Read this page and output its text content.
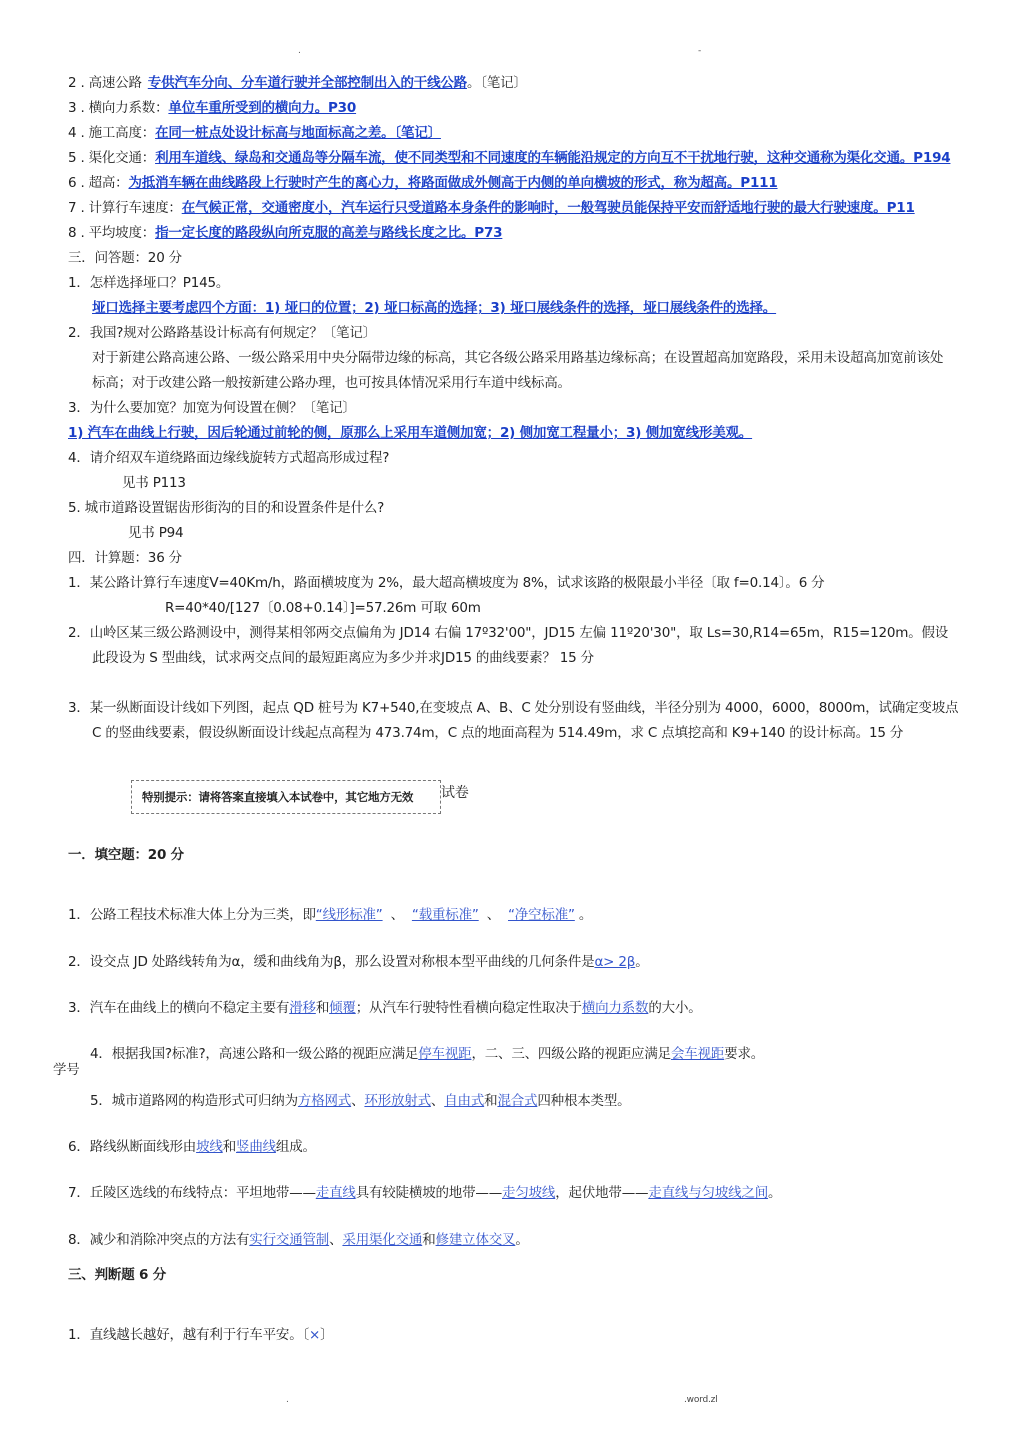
.	-
2 . 高速公路 专供汽车分向、分车道行驶并全部控制出入的干线公路。〔笔记〕
3 . 横向力系数：单位车重所受到的横向力。P30
4 . 施工高度：在同一桩点处设计标高与地面标高之差。〔笔记〕
5 . 渠化交通：利用车道线、绿岛和交通岛等分隔车流，使不同类型和不同速度的车辆能沿规定的方向互不干扰地行驶，这种交通称为渠化交通。P194
6 . 超高：为抵消车辆在曲线路段上行驶时产生的离心力，将路面做成外侧高于内侧的单向横坡的形式，称为超高。P111
7 . 计算行车速度：在气候正常，交通密度小，汽车运行只受道路本身条件的影响时，一般驾驶员能保持平安而舒适地行驶的最大行驶速度。P11
8 . 平均坡度：指一定长度的路段纵向所克服的高差与路线长度之比。P73
三．问答题：20 分
1．怎样选择垭口？P145。
垭口选择主要考虑四个方面：1) 垭口的位置；2) 垭口标高的选择；3) 垭口展线条件的选择，垭口展线条件的选择。
2．我国?规对公路路基设计标高有何规定？〔笔记〕
对于新建公路高速公路、一级公路采用中央分隔带边缘的标高，其它各级公路采用路基边缘标高；在设置超高加宽路段，采用未设超高加宽前该处
标高；对于改建公路一般按新建公路办理，也可按具体情况采用行车道中线标高。
3．为什么要加宽？加宽为何设置在侧？〔笔记〕
1) 汽车在曲线上行驶，因后轮通过前轮的侧，原那么上采用车道侧加宽；2) 侧加宽工程量小；3) 侧加宽线形美观。
4．请介绍双车道绕路面边缘线旋转方式超高形成过程?
见书 P113
5. 城市道路设置锯齿形街沟的目的和设置条件是什么?
见书 P94
四．计算题：36 分
1．某公路计算行车速度V=40Km/h，路面横坡度为 2%，最大超高横坡度为 8%，试求该路的极限最小半径〔取 f=0.14〕。6 分
R=40*40/[127〔0.08+0.14〕]=57.26m 可取 60m
2．山岭区某三级公路测设中，测得某相邻两交点偏角为 JD14 右偏 17º32'00"，JD15 左偏 11º20'30"，取 Ls=30,R14=65m，R15=120m。假设
此段设为 S 型曲线，试求两交点间的最短距离应为多少并求JD15 的曲线要素？ 15 分
3．某一纵断面设计线如下列图，起点 QD 桩号为 K7+540,在变坡点 A、B、C 处分别设有竖曲线，半径分别为 4000，6000，8000m，试确定变坡点
C 的竖曲线要素，假设纵断面设计线起点高程为 473.74m，C 点的地面高程为 514.49m，求 C 点填挖高和 K9+140 的设计标高。15 分
特别提示：请将答案直接填入本试卷中，其它地方无效	试卷
一．填空题：20 分
1．公路工程技术标准大体上分为三类，即“线形标准” 、 “载重标准” 、 “净空标准” 。
2．设交点 JD 处路线转角为α，缓和曲线角为β，那么设置对称根本型平曲线的几何条件是α> 2β。
3．汽车在曲线上的横向不稳定主要有滑移和倾覆；从汽车行驶特性看横向稳定性取决于横向力系数的大小。
4．根据我国?标准?，高速公路和一级公路的视距应满足停车视距，二、三、四级公路的视距应满足会车视距要求。
学号
5．城市道路网的构造形式可归纳为方格网式、环形放射式、自由式和混合式四种根本类型。
6．路线纵断面线形由坡线和竖曲线组成。
7．丘陵区选线的布线特点：平坦地带——走直线具有较陡横坡的地带——走匀坡线，起伏地带——走直线与匀坡线之间。
8．减少和消除冲突点的方法有实行交通管制、采用渠化交通和修建立体交叉。
三、判断题 6 分
1．直线越长越好，越有利于行车平安。〔×〕
.	.word.zl
